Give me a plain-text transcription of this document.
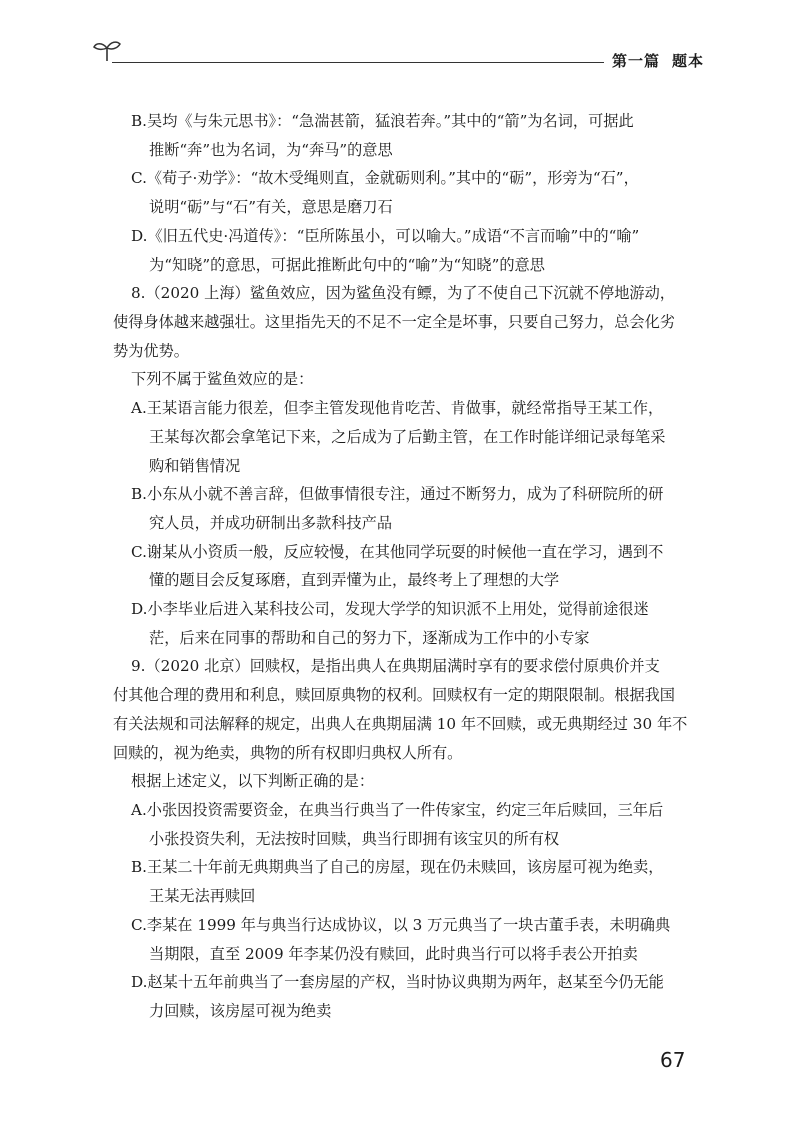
第一篇 题本
B.吴均《与朱元思书》：“急湍甚箭，猛浪若奔。”其中的“箭”为名词，可据此
推断“奔”也为名词，为“奔马”的意思
C.《荀子·劝学》：“故木受绳则直，金就砺则利。”其中的“砺”，形旁为“石”，
说明“砺”与“石”有关，意思是磨刀石
D.《旧五代史·冯道传》：“臣所陈虽小，可以喻大。”成语“不言而喻”中的“喻”
为“知晓”的意思，可据此推断此句中的“喻”为“知晓”的意思
8.（2020 上海）鲨鱼效应，因为鲨鱼没有鳔，为了不使自己下沉就不停地游动，
使得身体越来越强壮。这里指先天的不足不一定全是坏事，只要自己努力，总会化劣
势为优势。
下列不属于鲨鱼效应的是：
A.王某语言能力很差，但李主管发现他肯吃苦、肯做事，就经常指导王某工作，
王某每次都会拿笔记下来，之后成为了后勤主管，在工作时能详细记录每笔采
购和销售情况
B.小东从小就不善言辞，但做事情很专注，通过不断努力，成为了科研院所的研
究人员，并成功研制出多款科技产品
C.谢某从小资质一般，反应较慢，在其他同学玩耍的时候他一直在学习，遇到不
懂的题目会反复琢磨，直到弄懂为止，最终考上了理想的大学
D.小李毕业后进入某科技公司，发现大学学的知识派不上用处，觉得前途很迷
茫，后来在同事的帮助和自己的努力下，逐渐成为工作中的小专家
9.（2020 北京）回赎权，是指出典人在典期届满时享有的要求偿付原典价并支
付其他合理的费用和利息，赎回原典物的权利。回赎权有一定的期限限制。根据我国
有关法规和司法解释的规定，出典人在典期届满 10 年不回赎，或无典期经过 30 年不
回赎的，视为绝卖，典物的所有权即归典权人所有。
根据上述定义，以下判断正确的是：
A.小张因投资需要资金，在典当行典当了一件传家宝，约定三年后赎回，三年后
小张投资失利，无法按时回赎，典当行即拥有该宝贝的所有权
B.王某二十年前无典期典当了自己的房屋，现在仍未赎回，该房屋可视为绝卖，
王某无法再赎回
C.李某在 1999 年与典当行达成协议，以 3 万元典当了一块古董手表，未明确典
当期限，直至 2009 年李某仍没有赎回，此时典当行可以将手表公开拍卖
D.赵某十五年前典当了一套房屋的产权，当时协议典期为两年，赵某至今仍无能
力回赎，该房屋可视为绝卖
67
